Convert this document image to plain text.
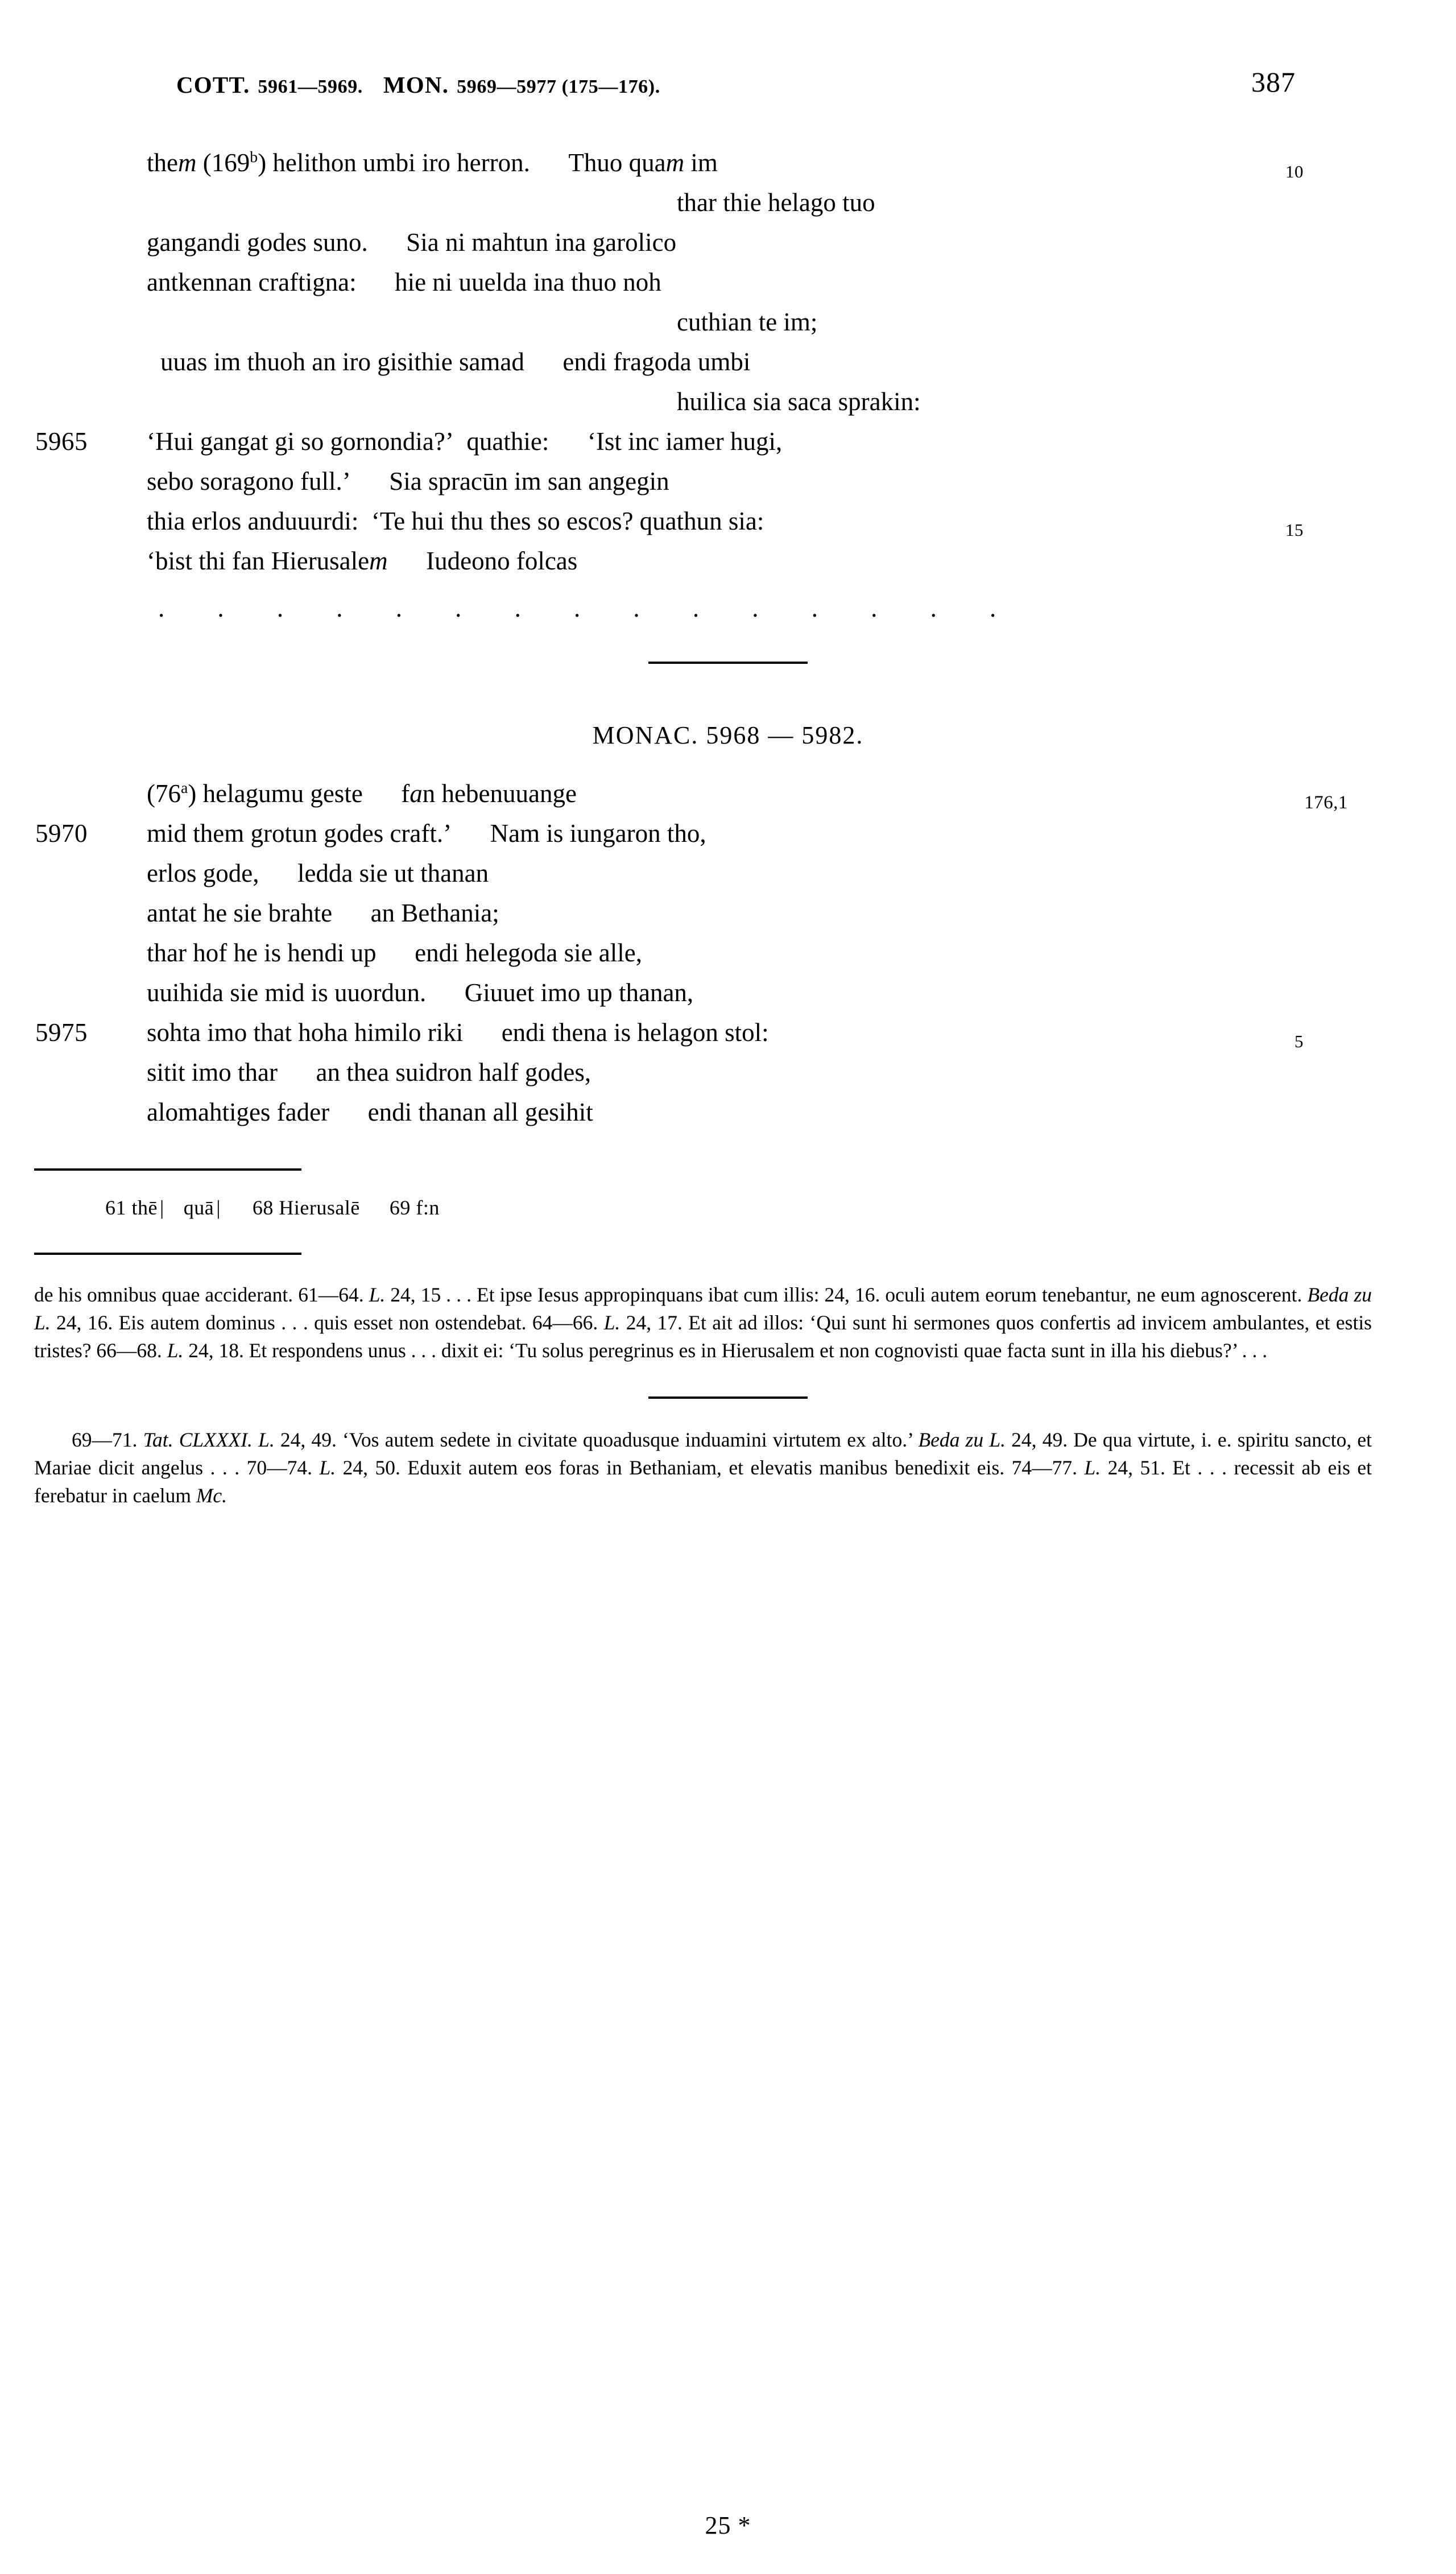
COTT. 5961—5969. MON. 5969—5977 (175—176).	387
them (169$^b$) helithon umbi iro herron.   Thuo quam im	10
thar thie helago tuo
gangandi godes suno.   Sia ni mahtun ina garolico
antkennan craftigna:   hie ni uuelda ina thuo noh
cuthian te im;
uuas im thuoh an iro gisithie samad   endi fragoda umbi
huilica sia saca sprakin:
5965 ‘Hui gangat gi so gornondia?’  quathie:   ‘Ist inc iamer hugi,
sebo soragono full.’   Sia spracūn im san angegin
thia erlos anduuurdi:  ‘Te hui thu thes so escos? quathun sia:	15
‘bist thi fan Hierusalem   Iudeono folcas
. . . . . . . . . . . . . . .
MONAC. 5968 — 5982.
(76$^a$) helagumu geste   fan hebenuuange	176,1
5970 mid them grotun godes craft.’   Nam is iungaron tho,
erlos gode,   ledda sie ut thanan
antat he sie brahte   an Bethania;
thar hof he is hendi up   endi helegoda sie alle,
uuihida sie mid is uuordun.   Giuuet imo up thanan,
5975 sohta imo that hoha himilo riki   endi thena is helagon stol:	5
sitit imo thar   an thea suidron half godes,
alomahtiges fader   endi thanan all gesihit
61 thē| quā| 68 Hierusalē 69 f:n

de his omnibus quae acciderant. 61—64. L. 24, 15 . . . Et ipse Iesus appropinquans ibat cum illis: 24, 16. oculi autem eorum tenebantur, ne eum agnoscerent. Beda zu L. 24, 16. Eis autem dominus . . . quis esset non ostendebat. 64—66. L. 24, 17. Et ait ad illos: ‘Qui sunt hi sermones quos confertis ad invicem ambulantes, et estis tristes? 66—68. L. 24, 18. Et respondens unus . . . dixit ei: ‘Tu solus peregrinus es in Hierusalem et non cognovisti quae facta sunt in illa his diebus?’ . . .

69—71. Tat. CLXXXI. L. 24, 49. ‘Vos autem sedete in civitate quoadusque induamini virtutem ex alto.’ Beda zu L. 24, 49. De qua virtute, i. e. spiritu sancto, et Mariae dicit angelus . . . 70—74. L. 24, 50. Eduxit autem eos foras in Bethaniam, et elevatis manibus benedixit eis. 74—77. L. 24, 51. Et . . . recessit ab eis et ferebatur in caelum Mc.

25 *
